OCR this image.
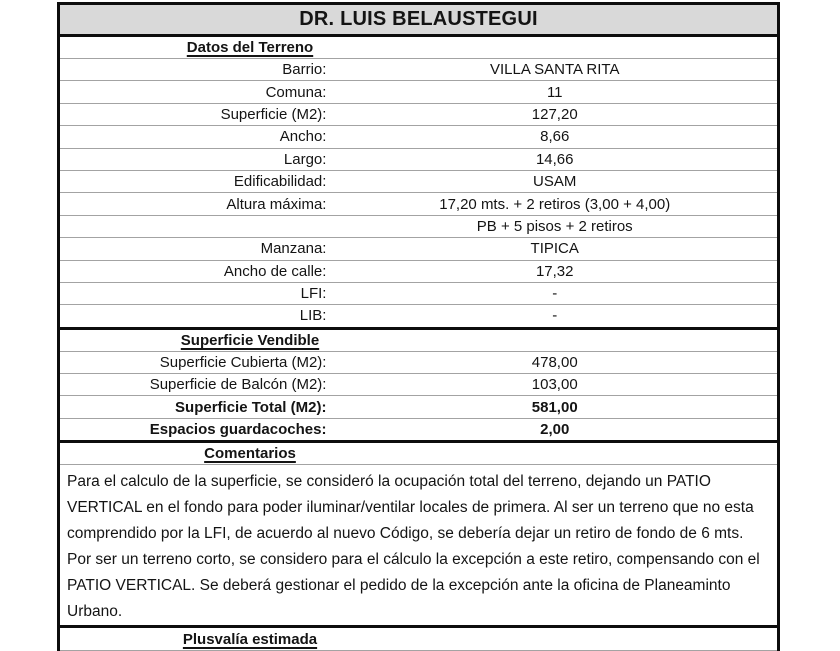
DR. LUIS BELAUSTEGUI
Datos del Terreno
Barrio:	VILLA SANTA RITA
Comuna:	11
Superficie (M2):	127,20
Ancho:	8,66
Largo:	14,66
Edificabilidad:	USAM
Altura máxima:	17,20 mts. + 2 retiros (3,00 + 4,00)
PB + 5 pisos + 2 retiros
Manzana:	TIPICA
Ancho de calle:	17,32
LFI:	-
LIB:	-
Superficie Vendible
Superficie Cubierta (M2):	478,00
Superficie de Balcón (M2):	103,00
Superficie Total (M2):	581,00
Espacios guardacoches:	2,00
Comentarios
Para el calculo de la superficie, se consideró la ocupación total del terreno, dejando un PATIO VERTICAL en el fondo para poder iluminar/ventilar locales de primera. Al ser un terreno que no esta comprendido por la LFI, de acuerdo al nuevo Código, se debería dejar un retiro de fondo de 6 mts. Por ser un terreno corto, se considero para el cálculo la excepción a este retiro, compensando con el PATIO VERTICAL. Se deberá gestionar el pedido de la excepción ante la oficina de Planeaminto Urbano.
Plusvalía estimada
